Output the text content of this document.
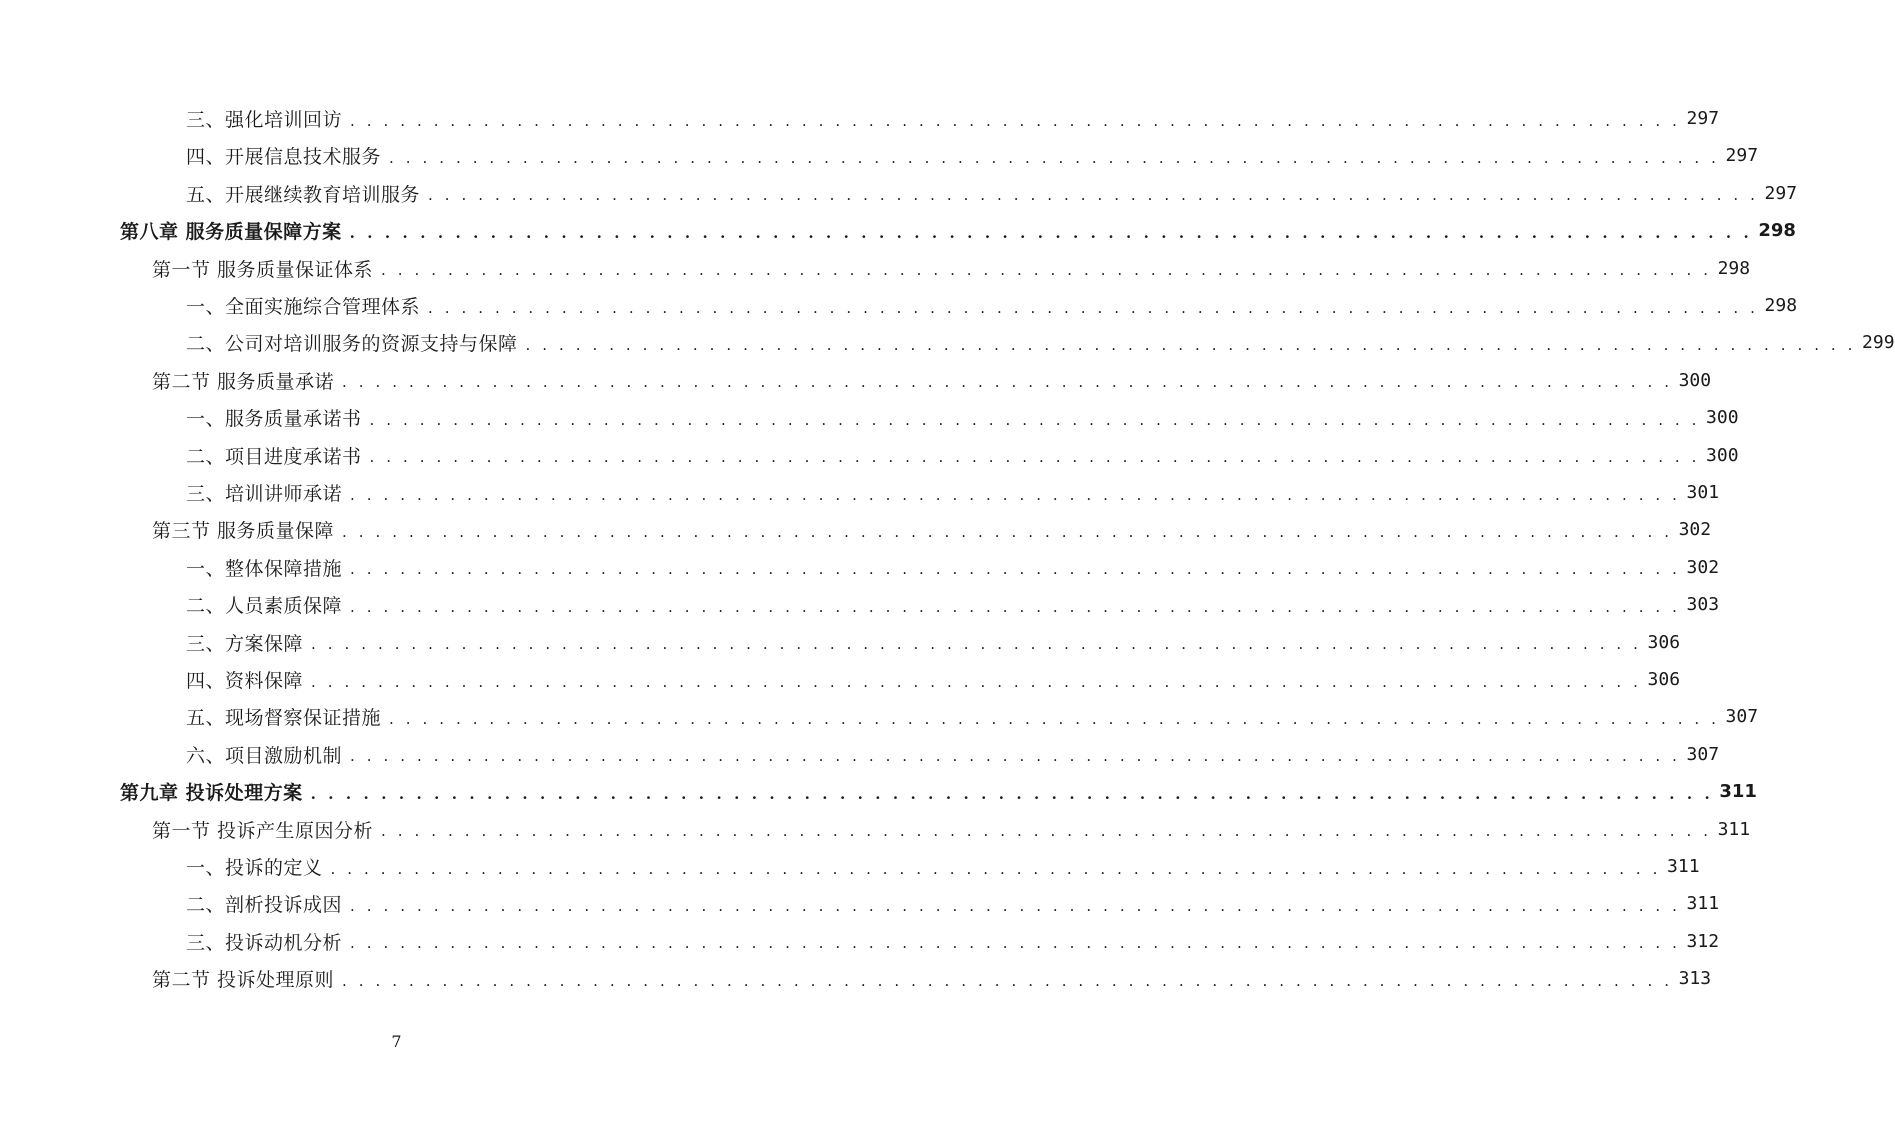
三、强化培训回访 . . . . . . . . . . . . . . . . . . . . . . . . . . . . . . . . . . . . . . . . . . . . . . . . . . . . . . . . . . . . . . . . . . . . . . . . . . . . . . . . 297
四、开展信息技术服务 . . . . . . . . . . . . . . . . . . . . . . . . . . . . . . . . . . . . . . . . . . . . . . . . . . . . . . . . . . . . . . . . . . . . . . . . . . . . . . . . 297
五、开展继续教育培训服务 . . . . . . . . . . . . . . . . . . . . . . . . . . . . . . . . . . . . . . . . . . . . . . . . . . . . . . . . . . . . . . . . . . . . . . . . . . . . . . . . 297
第八章 服务质量保障方案 . . . . . . . . . . . . . . . . . . . . . . . . . . . . . . . . . . . . . . . . . . . . . . . . . . . . . . . . . . . . . . . . . . . . . . . . . . . . . . . . 298
第一节 服务质量保证体系 . . . . . . . . . . . . . . . . . . . . . . . . . . . . . . . . . . . . . . . . . . . . . . . . . . . . . . . . . . . . . . . . . . . . . . . . . . . . . . . . 298
一、全面实施综合管理体系 . . . . . . . . . . . . . . . . . . . . . . . . . . . . . . . . . . . . . . . . . . . . . . . . . . . . . . . . . . . . . . . . . . . . . . . . . . . . . . . . 298
二、公司对培训服务的资源支持与保障 . . . . . . . . . . . . . . . . . . . . . . . . . . . . . . . . . . . . . . . . . . . . . . . . . . . . . . . . . . . . . . . . . . . . . . . . . . . . . . . . 299
第二节 服务质量承诺 . . . . . . . . . . . . . . . . . . . . . . . . . . . . . . . . . . . . . . . . . . . . . . . . . . . . . . . . . . . . . . . . . . . . . . . . . . . . . . . . 300
一、服务质量承诺书 . . . . . . . . . . . . . . . . . . . . . . . . . . . . . . . . . . . . . . . . . . . . . . . . . . . . . . . . . . . . . . . . . . . . . . . . . . . . . . . . 300
二、项目进度承诺书 . . . . . . . . . . . . . . . . . . . . . . . . . . . . . . . . . . . . . . . . . . . . . . . . . . . . . . . . . . . . . . . . . . . . . . . . . . . . . . . . 300
三、培训讲师承诺 . . . . . . . . . . . . . . . . . . . . . . . . . . . . . . . . . . . . . . . . . . . . . . . . . . . . . . . . . . . . . . . . . . . . . . . . . . . . . . . . 301
第三节 服务质量保障 . . . . . . . . . . . . . . . . . . . . . . . . . . . . . . . . . . . . . . . . . . . . . . . . . . . . . . . . . . . . . . . . . . . . . . . . . . . . . . . . 302
一、整体保障措施 . . . . . . . . . . . . . . . . . . . . . . . . . . . . . . . . . . . . . . . . . . . . . . . . . . . . . . . . . . . . . . . . . . . . . . . . . . . . . . . . 302
二、人员素质保障 . . . . . . . . . . . . . . . . . . . . . . . . . . . . . . . . . . . . . . . . . . . . . . . . . . . . . . . . . . . . . . . . . . . . . . . . . . . . . . . . 303
三、方案保障 . . . . . . . . . . . . . . . . . . . . . . . . . . . . . . . . . . . . . . . . . . . . . . . . . . . . . . . . . . . . . . . . . . . . . . . . . . . . . . . . 306
四、资料保障 . . . . . . . . . . . . . . . . . . . . . . . . . . . . . . . . . . . . . . . . . . . . . . . . . . . . . . . . . . . . . . . . . . . . . . . . . . . . . . . . 306
五、现场督察保证措施 . . . . . . . . . . . . . . . . . . . . . . . . . . . . . . . . . . . . . . . . . . . . . . . . . . . . . . . . . . . . . . . . . . . . . . . . . . . . . . . . 307
六、项目激励机制 . . . . . . . . . . . . . . . . . . . . . . . . . . . . . . . . . . . . . . . . . . . . . . . . . . . . . . . . . . . . . . . . . . . . . . . . . . . . . . . . 307
第九章 投诉处理方案 . . . . . . . . . . . . . . . . . . . . . . . . . . . . . . . . . . . . . . . . . . . . . . . . . . . . . . . . . . . . . . . . . . . . . . . . . . . . . . . . 311
第一节 投诉产生原因分析 . . . . . . . . . . . . . . . . . . . . . . . . . . . . . . . . . . . . . . . . . . . . . . . . . . . . . . . . . . . . . . . . . . . . . . . . . . . . . . . . 311
一、投诉的定义 . . . . . . . . . . . . . . . . . . . . . . . . . . . . . . . . . . . . . . . . . . . . . . . . . . . . . . . . . . . . . . . . . . . . . . . . . . . . . . . . 311
二、剖析投诉成因 . . . . . . . . . . . . . . . . . . . . . . . . . . . . . . . . . . . . . . . . . . . . . . . . . . . . . . . . . . . . . . . . . . . . . . . . . . . . . . . . 311
三、投诉动机分析 . . . . . . . . . . . . . . . . . . . . . . . . . . . . . . . . . . . . . . . . . . . . . . . . . . . . . . . . . . . . . . . . . . . . . . . . . . . . . . . . 312
第二节 投诉处理原则 . . . . . . . . . . . . . . . . . . . . . . . . . . . . . . . . . . . . . . . . . . . . . . . . . . . . . . . . . . . . . . . . . . . . . . . . . . . . . . . . 313
7
